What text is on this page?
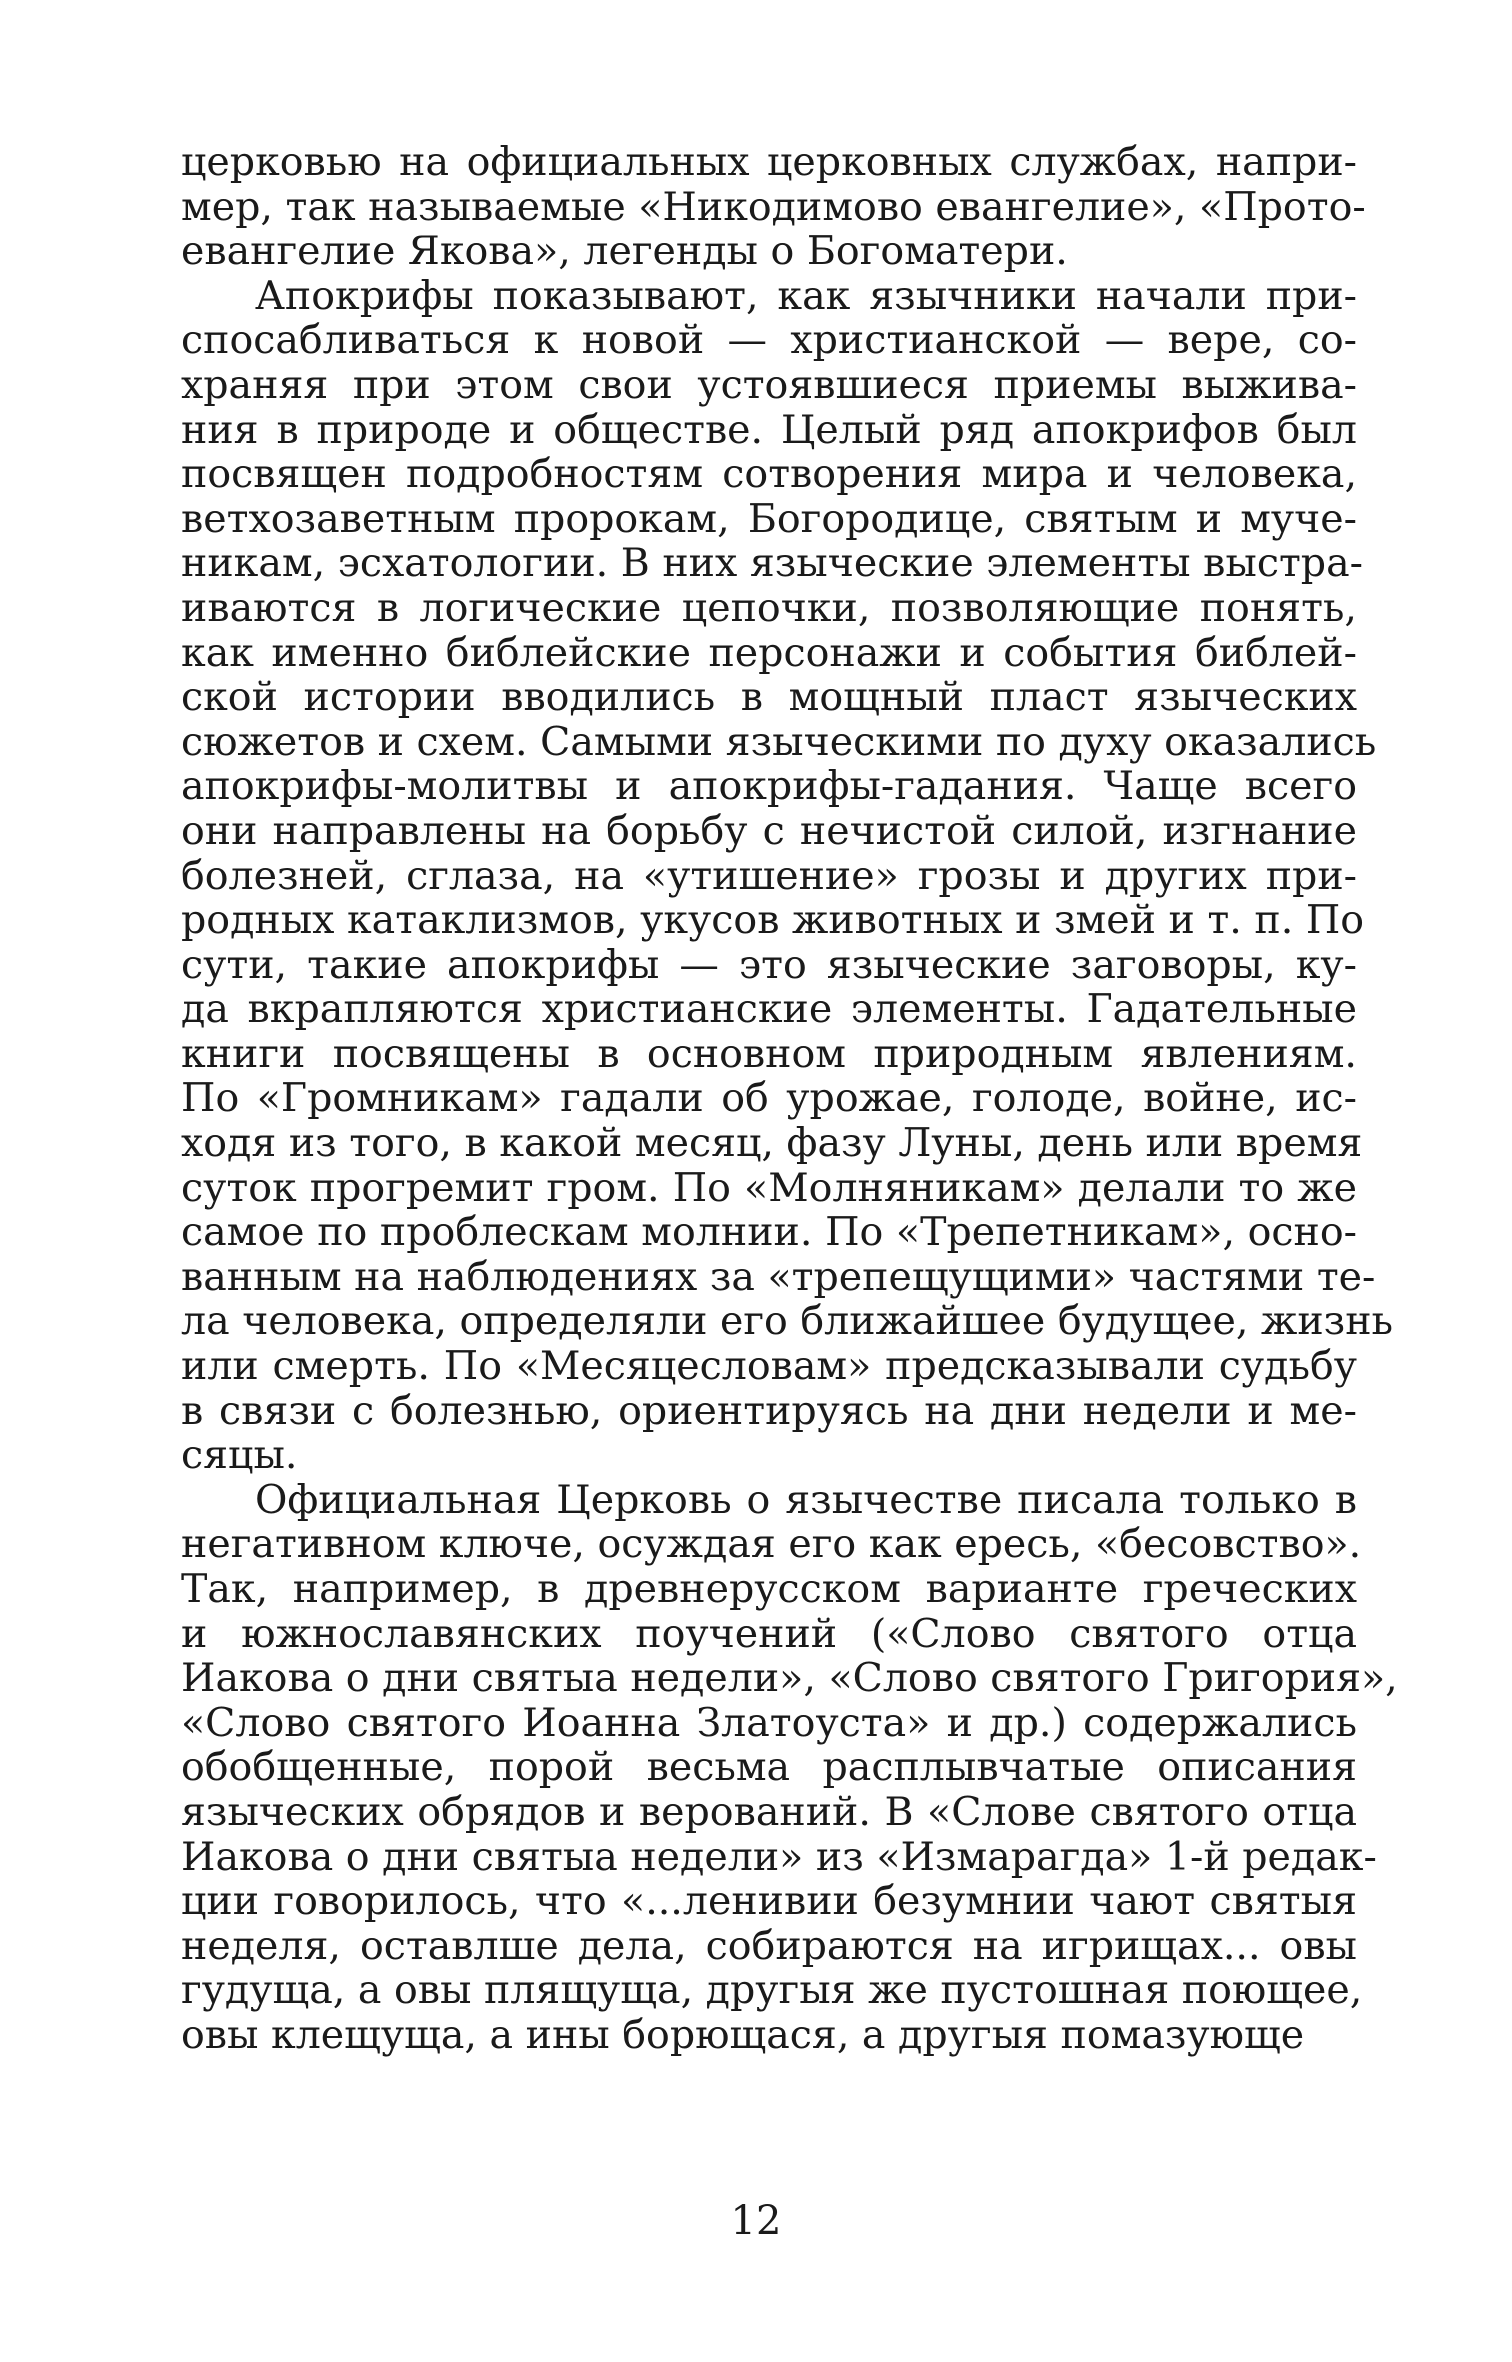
церковью на официальных церковных службах, напри-
мер, так называемые «Никодимово евангелие», «Прото-
евангелие Якова», легенды о Богоматери.
Апокрифы показывают, как язычники начали при-
спосабливаться к новой — христианской — вере, со-
храняя при этом свои устоявшиеся приемы выжива-
ния в природе и обществе. Целый ряд апокрифов был
посвящен подробностям сотворения мира и человека,
ветхозаветным пророкам, Богородице, святым и муче-
никам, эсхатологии. В них языческие элементы выстра-
иваются в логические цепочки, позволяющие понять,
как именно библейские персонажи и события библей-
ской истории вводились в мощный пласт языческих
сюжетов и схем. Самыми языческими по духу оказались
апокрифы-молитвы и апокрифы-гадания. Чаще всего
они направлены на борьбу с нечистой силой, изгнание
болезней, сглаза, на «утишение» грозы и других при-
родных катаклизмов, укусов животных и змей и т. п. По
сути, такие апокрифы — это языческие заговоры, ку-
да вкрапляются христианские элементы. Гадательные
книги посвящены в основном природным явлениям.
По «Громникам» гадали об урожае, голоде, войне, ис-
ходя из того, в какой месяц, фазу Луны, день или время
суток прогремит гром. По «Молняникам» делали то же
самое по проблескам молнии. По «Трепетникам», осно-
ванным на наблюдениях за «трепещущими» частями те-
ла человека, определяли его ближайшее будущее, жизнь
или смерть. По «Месяцесловам» предсказывали судьбу
в связи с болезнью, ориентируясь на дни недели и ме-
сяцы.
Официальная Церковь о язычестве писала только в
негативном ключе, осуждая его как ересь, «бесовство».
Так, например, в древнерусском варианте греческих
и южнославянских поучений («Слово святого отца
Иакова о дни святыа недели», «Слово святого Григория»,
«Слово святого Иоанна Златоуста» и др.) содержались
обобщенные, порой весьма расплывчатые описания
языческих обрядов и верований. В «Слове святого отца
Иакова о дни святыа недели» из «Измарагда» 1-й редак-
ции говорилось, что «...ленивии безумнии чают святыя
неделя, оставлше дела, собираются на игрищах... овы
гудуща, а овы плящуща, другыя же пустошная поющее,
овы клещуща, а ины борющася, а другыя помазующе
12
